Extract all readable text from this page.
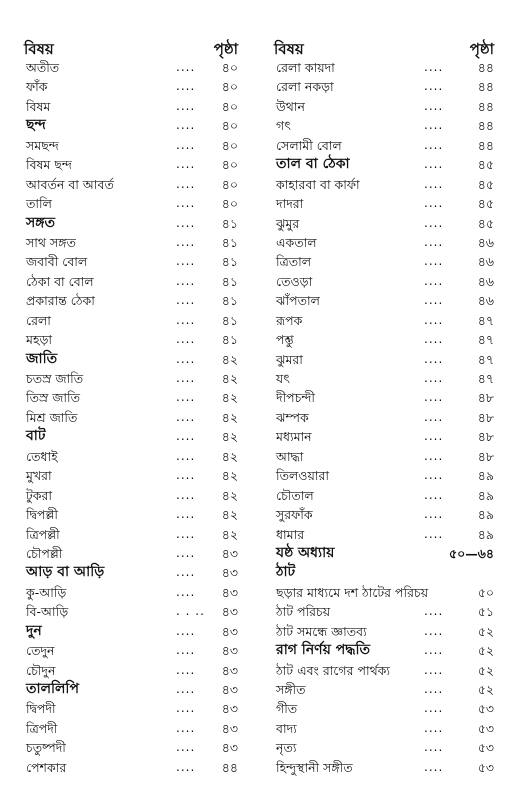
বিষয়	পৃষ্ঠা
অতীত	.... ৪০
ফাঁক	.... ৪০
বিষম	.... ৪০
ছন্দ	.... ৪০
সমছন্দ	.... ৪০
বিষম ছন্দ	.... ৪০
আবর্তন বা আবর্ত	.... ৪০
তালি	.... ৪০
সঙ্গত	.... ৪১
সাথ সঙ্গত	.... ৪১
জবাবী বোল	.... ৪১
ঠেকা বা বোল	.... ৪১
প্রকারান্ত ঠেকা	.... ৪১
রেলা	.... ৪১
মহড়া	.... ৪১
জাতি	.... ৪২
চতস্র জাতি	.... ৪২
তিস্র জাতি	.... ৪২
মিশ্র জাতি	.... ৪২
বাট	.... ৪২
তেধাই	.... ৪২
মুখরা	.... ৪২
টুকরা	.... ৪২
দ্বিপল্লী	.... ৪২
ত্রিপল্লী	.... ৪২
চৌপল্লী	.... ৪৩
আড় বা আড়ি	.... ৪৩
কু-আড়ি	.... ৪৩
বি-আড়ি	. . .. ৪৩
দুন	.... ৪৩
তেদুন	.... ৪৩
চৌদুন	.... ৪৩
তাললিপি	.... ৪৩
দ্বিপদী	.... ৪৩
ত্রিপদী	.... ৪৩
চতুষ্পদী	.... ৪৩
পেশকার	.... ৪৪
বিষয়	পৃষ্ঠা
রেলা কায়দা	....	৪৪
রেলা নকড়া	....	৪৪
উথান	....	৪৪
গৎ	....	৪৪
সেলামী বোল	....	৪৪
তাল বা ঠেকা	....	৪৫
কাহারবা বা কার্ফা	....	৪৫
দাদরা	....	৪৫
ঝুমুর	....	৪৫
একতাল	....	৪৬
ত্রিতাল	....	৪৬
তেওড়া	....	৪৬
ঝাঁপতাল	....	৪৬
রূপক	....	৪৭
পশ্তু	....	৪৭
ঝুমরা	....	৪৭
যৎ	....	৪৭
দীপচন্দী	....	৪৮
ঝম্পক	....	৪৮
মধ্যমান	....	৪৮
আদ্ধা	....	৪৮
তিলওয়ারা	....	৪৯
চৌতাল	....	৪৯
সুরফাঁক	....	৪৯
ধামার	....	৪৯
যষ্ঠ অধ্যায়	৫০—৬৪
ঠাট
ছড়ার মাধ্যমে দশ ঠাটের পরিচয়	৫০
ঠাট পরিচয়	....	৫১
ঠাট সমন্ধে জ্ঞাতব্য	....	৫২
রাগ নির্ণয় পদ্ধতি	....	৫২
ঠাট এবং রাগের পার্থক্য	....	৫২
সঙ্গীত	....	৫২
গীত	....	৫৩
বাদ্য	....	৫৩
নৃত্য	....	৫৩
হিন্দুস্থানী সঙ্গীত	....	৫৩
